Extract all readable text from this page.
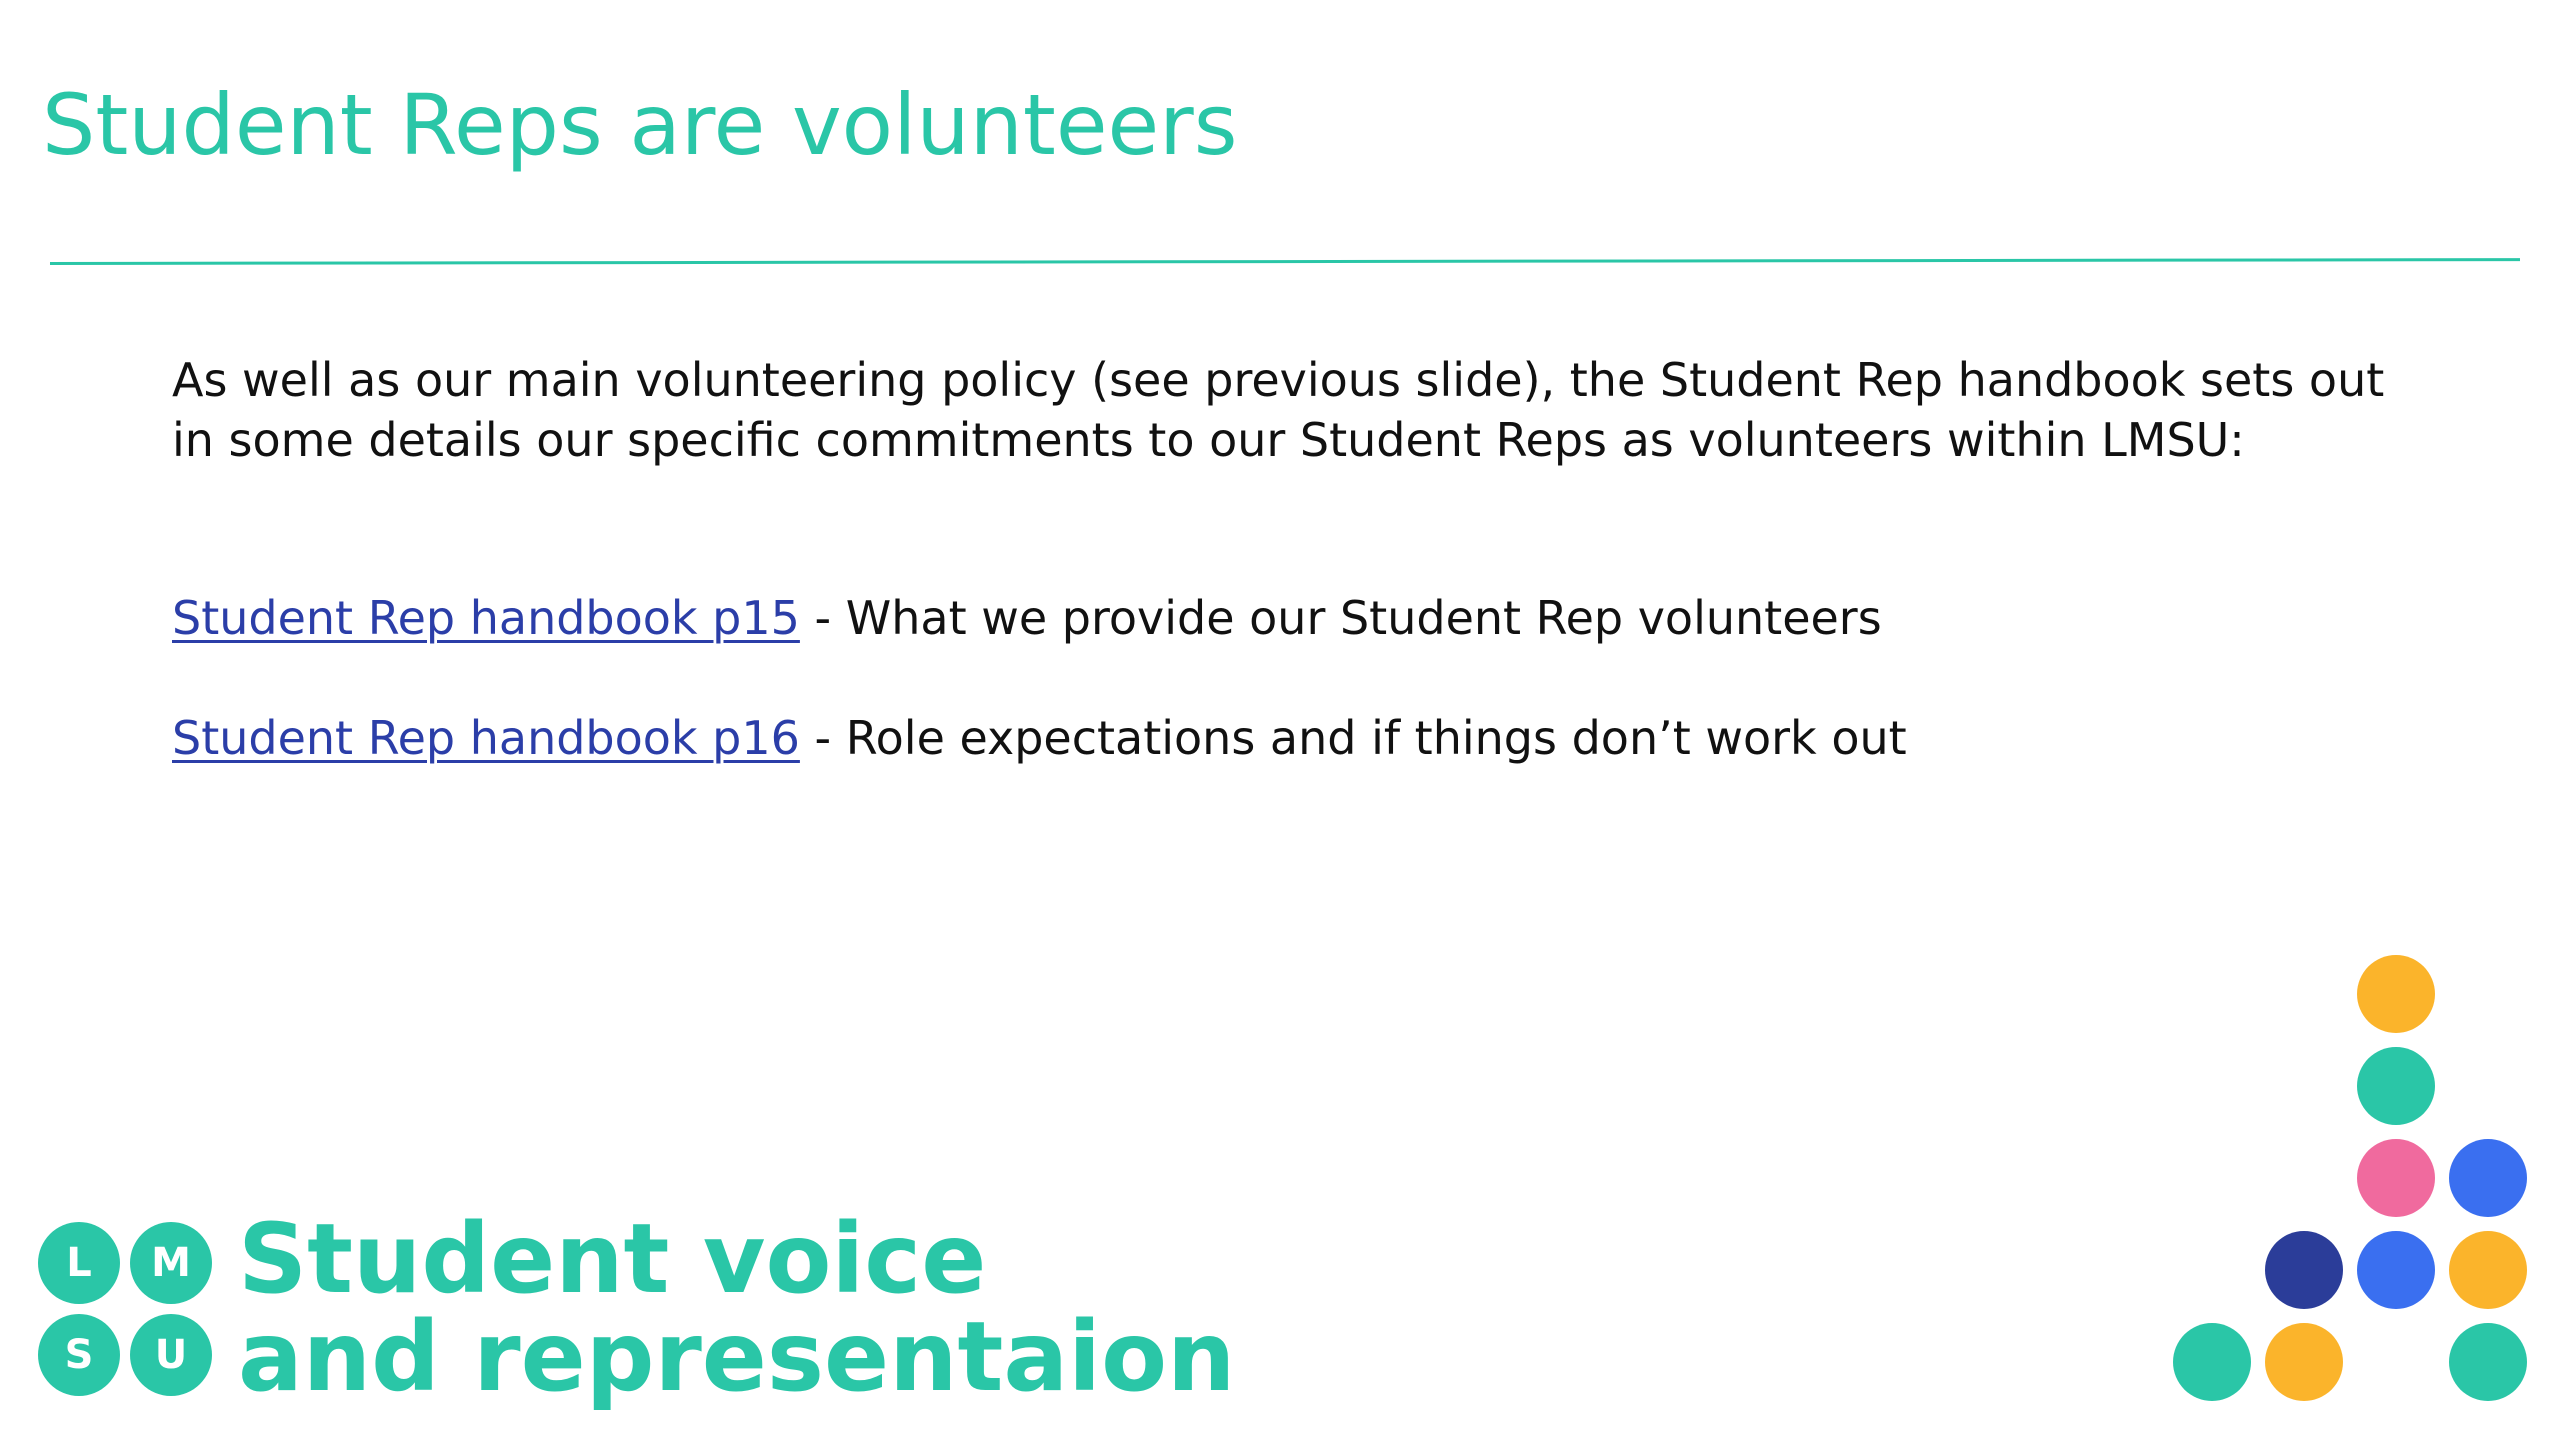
Student Reps are volunteers

As well as our main volunteering policy (see previous slide), the Student Rep handbook sets out in some details our specific commitments to our Student Reps as volunteers within LMSU:

Student Rep handbook p15 - What we provide our Student Rep volunteers

Student Rep handbook p16 - Role expectations and if things don’t work out

L	M
S	U
Student voice
and representaion
